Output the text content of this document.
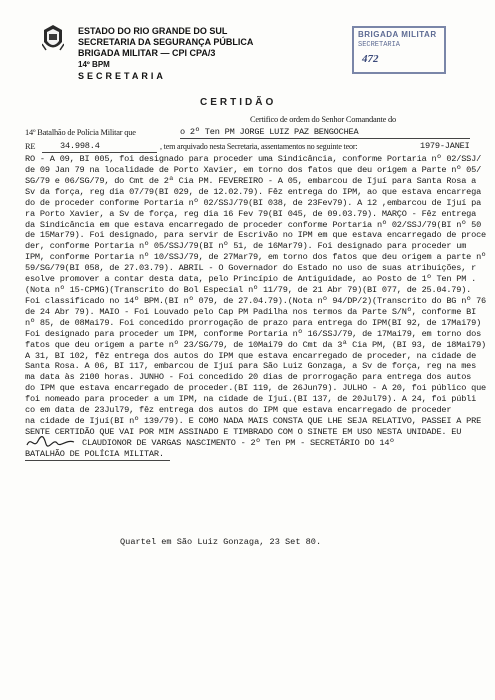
ESTADO DO RIO GRANDE DO SUL
SECRETARIA DA SEGURANÇA PÚBLICA
BRIGADA MILITAR — CPI CPA/3
14º BPM
SECRETARIA
BRIGADA MILITAR
SECRETARIA
472
CERTIDÃO
Certifico de ordem do Senhor Comandante do
14º Batalhão de Polícia Militar que	o 2º Ten PM JORGE LUIZ PAZ BENGOCHEA
RE	34.998.4	, tem arquivado nesta Secretaria, assentamentos no seguinte teor:	1979-JANEI
RO - A 09, BI 005, foi designado para proceder uma Sindicância, conforme Portaria nº 02/SSJ/
de 09 Jan 79 na localidade de Porto Xavier, em torno dos fatos que deu origem a Parte nº 05/
SG/79 e 06/SG/79, do Cmt de 2ª Cia PM. FEVEREIRO - A 05, embarcou de Ijuí para Santa Rosa a
Sv da força, reg dia 07/79(BI 029, de 12.02.79). Fêz entrega do IPM, ao que estava encarrega
do de proceder conforme Portaria nº 02/SSJ/79(BI 038, de 23Fev79). A 12 ,embarcou de Ijuí pa
ra Porto Xavier, a Sv de força, reg dia 16 Fev 79(BI 045, de 09.03.79). MARÇO - Fêz entrega
da Sindicância em que estava encarregado de proceder conforme Portaria nº 02/SSJ/79(BI nº 50
de 15Mar79). Foi designado, para servir de Escrivão no IPM em que estava encarregado de proce
der, conforme Portaria nº 05/SSJ/79(BI nº 51, de 16Mar79). Foi designado para proceder um
IPM, conforme Portaria nº 10/SSJ/79, de 27Mar79, em torno dos fatos que deu origem a parte nº
59/SG/79(BI 058, de 27.03.79). ABRIL - O Governador do Estado no uso de suas atribuições, r
esolve promover a contar desta data, pelo Princípio de Antiguidade, ao Posto de 1º Ten PM .
(Nota nº 15-CPMG)(Transcrito do Bol Especial nº 11/79, de 21 Abr 79)(BI 077, de 25.04.79).
Foi classificado no 14º BPM.(BI nº 079, de 27.04.79).(Nota nº 94/DP/2)(Transcrito do BG nº 76
de 24 Abr 79). MAIO - Foi Louvado pelo Cap PM Padilha nos termos da Parte S/Nº, conforme BI
nº 85, de 08Mai79. Foi concedido prorrogação de prazo para entrega do IPM(BI 92, de 17Mai79)
Foi designado para proceder um IPM, conforme Portaria nº 16/SSJ/79, de 17Mai79, em torno dos
fatos que deu origem a parte nº 23/SG/79, de 10Mai79 do Cmt da 3ª Cia PM, (BI 93, de 18Mai79)
A 31, BI 102, fêz entrega dos autos do IPM que estava encarregado de proceder, na cidade de
Santa Rosa. A 06, BI 117, embarcou de Ijuí para São Luiz Gonzaga, a Sv de força, reg na mes
ma data às 2100 horas. JUNHO - Foi concedido 20 dias de prorrogação para entrega dos autos
do IPM que estava encarregado de proceder.(BI 119, de 26Jun79). JULHO - A 20, foi público que
foi nomeado para proceder a um IPM, na cidade de Ijuí.(BI 137, de 20Jul79). A 24, foi públi
co em data de 23Jul79, fêz entrega dos autos do IPM que estava encarregado de proceder
na cidade de Ijuí(BI nº 139/79). E COMO NADA MAIS CONSTA QUE LHE SEJA RELATIVO, PASSEI A PRE
SENTE CERTIDÃO QUE VAI POR MIM ASSINADO E TIMBRADO COM O SINETE EM USO NESTA UNIDADE. EU
CLAUDIONOR DE VARGAS NASCIMENTO - 2º Ten PM - SECRETÁRIO DO 14º
BATALHÃO DE POLÍCIA MILITAR.
Quartel em São Luiz Gonzaga, 23 Set 80.
